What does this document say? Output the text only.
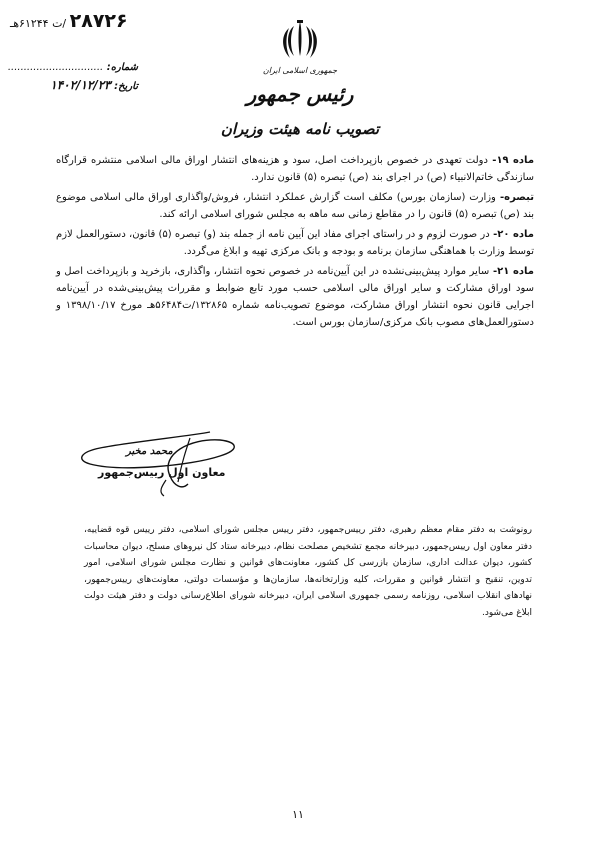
۲۸۷۲۶ /ت ۶۱۲۴۴هـ
جمهوری اسلامی ایران
رئیس جمهور
تصویب نامه هیئت وزیران
شماره: ..............................
تاریخ: ۱۴۰۲/۱۲/۲۳

ماده ۱۹- دولت تعهدی در خصوص بازپرداخت اصل، سود و هزینه‌های انتشار اوراق مالی اسلامی منتشره قرارگاه سازندگی خاتم‌الانبیاء (ص) در اجرای بند (ص) تبصره (۵) قانون ندارد.

تبصره- وزارت (سازمان بورس) مکلف است گزارش عملکرد انتشار، فروش/واگذاری اوراق مالی اسلامی موضوع بند (ص) تبصره (۵) قانون را در مقاطع زمانی سه ماهه به مجلس شورای اسلامی ارائه کند.

ماده ۲۰- در صورت لزوم و در راستای اجرای مفاد این آیین نامه از جمله بند (و) تبصره (۵) قانون، دستورالعمل لازم توسط وزارت با هماهنگی سازمان برنامه و بودجه و بانک مرکزی تهیه و ابلاغ می‌گردد.

ماده ۲۱- سایر موارد پیش‌بینی‌نشده در این آیین‌نامه در خصوص نحوه انتشار، واگذاری، بازخرید و بازپرداخت اصل و سود اوراق مشارکت و سایر اوراق مالی اسلامی حسب مورد تابع ضوابط و مقررات پیش‌بینی‌شده در آیین‌نامه اجرایی قانون نحوه انتشار اوراق مشارکت، موضوع تصویب‌نامه شماره ۱۳۲۸۶۵/ت۵۶۴۸۴هـ مورخ ۱۳۹۸/۱۰/۱۷ و دستورالعمل‌های مصوب بانک مرکزی/سازمان بورس است.

محمد مخبر
معاون اول رییس‌جمهور
رونوشت به دفتر مقام معظم رهبری، دفتر رییس‌جمهور، دفتر رییس مجلس شورای اسلامی، دفتر رییس قوه قضاییه، دفتر معاون اول رییس‌جمهور، دبیرخانه مجمع تشخیص مصلحت نظام، دبیرخانه ستاد کل نیروهای مسلح، دیوان محاسبات کشور، دیوان عدالت اداری، سازمان بازرسی کل کشور، معاونت‌های قوانین و نظارت مجلس شورای اسلامی، امور تدوین، تنقیح و انتشار قوانین و مقررات، کلیه وزارتخانه‌ها، سازمان‌ها و مؤسسات دولتی، معاونت‌های رییس‌جمهور، نهادهای انقلاب اسلامی، روزنامه رسمی جمهوری اسلامی ایران، دبیرخانه شورای اطلاع‌رسانی دولت و دفتر هیئت دولت ابلاغ می‌شود.
۱۱
